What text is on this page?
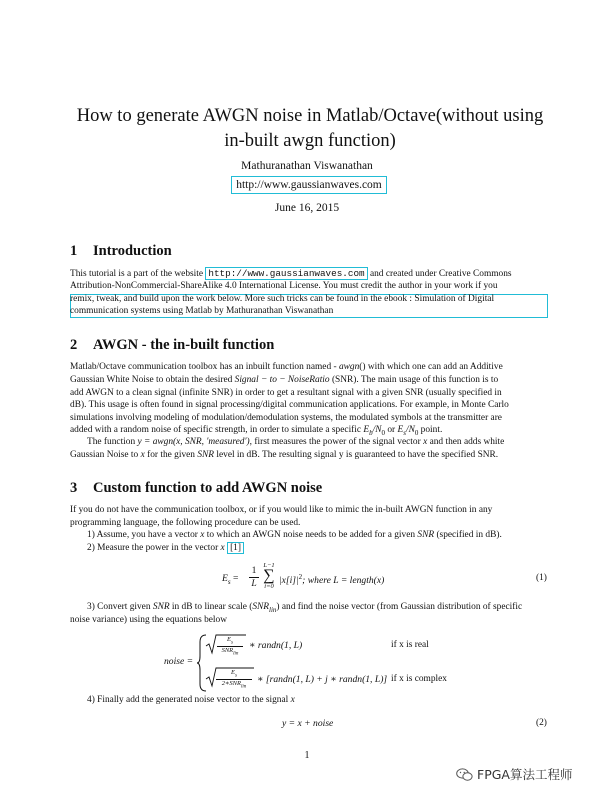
How to generate AWGN noise in Matlab/Octave(without using
in-built awgn function)
Mathuranathan Viswanathan
http://www.gaussianwaves.com
June 16, 2015
1 Introduction
This tutorial is a part of the website http://www.gaussianwaves.com and created under Creative Commons
Attribution-NonCommercial-ShareAlike 4.0 International License. You must credit the author in your work if you
remix, tweak, and build upon the work below. More such tricks can be found in the ebook : Simulation of Digital
communication systems using Matlab by Mathuranathan Viswanathan
2 AWGN - the in-built function
Matlab/Octave communication toolbox has an inbuilt function named - awgn() with which one can add an Additive
Gaussian White Noise to obtain the desired Signal − to − NoiseRatio (SNR). The main usage of this function is to
add AWGN to a clean signal (infinite SNR) in order to get a resultant signal with a given SNR (usually specified in
dB). This usage is often found in signal processing/digital communication applications. For example, in Monte Carlo
simulations involving modeling of modulation/demodulation systems, the modulated symbols at the transmitter are
added with a random noise of specific strength, in order to simulate a specific $E_b/N_0$ or $E_s/N_0$ point.
The function y = awgn(x, SNR, ′measured′), first measures the power of the signal vector x and then adds white
Gaussian Noise to x for the given SNR level in dB. The resulting signal y is guaranteed to have the specified SNR.
3 Custom function to add AWGN noise
If you do not have the communication toolbox, or if you would like to mimic the in-built AWGN function in any
programming language, the following procedure can be used.
1) Assume, you have a vector x to which an AWGN noise needs to be added for a given SNR (specified in dB).
2) Measure the power in the vector x [1]
$E_s$ =
1
L
L−1
∑
i=0
$|x[i]|^2$; where L = length(x)	(1)
3) Convert given SNR in dB to linear scale $(SNR_{lin})$ and find the noise vector (from Gaussian distribution of specific
noise variance) using the equations below
noise =
$E_s$
$SNR_{lin}$
∗ randn(1, L)	if x is real
$E_s$
$2∗SNR_{lin}$
∗ [randn(1, L) + j ∗ randn(1, L)] if x is complex
4) Finally add the generated noise vector to the signal x
y = x + noise	(2)
1
FPGA算法工程师
